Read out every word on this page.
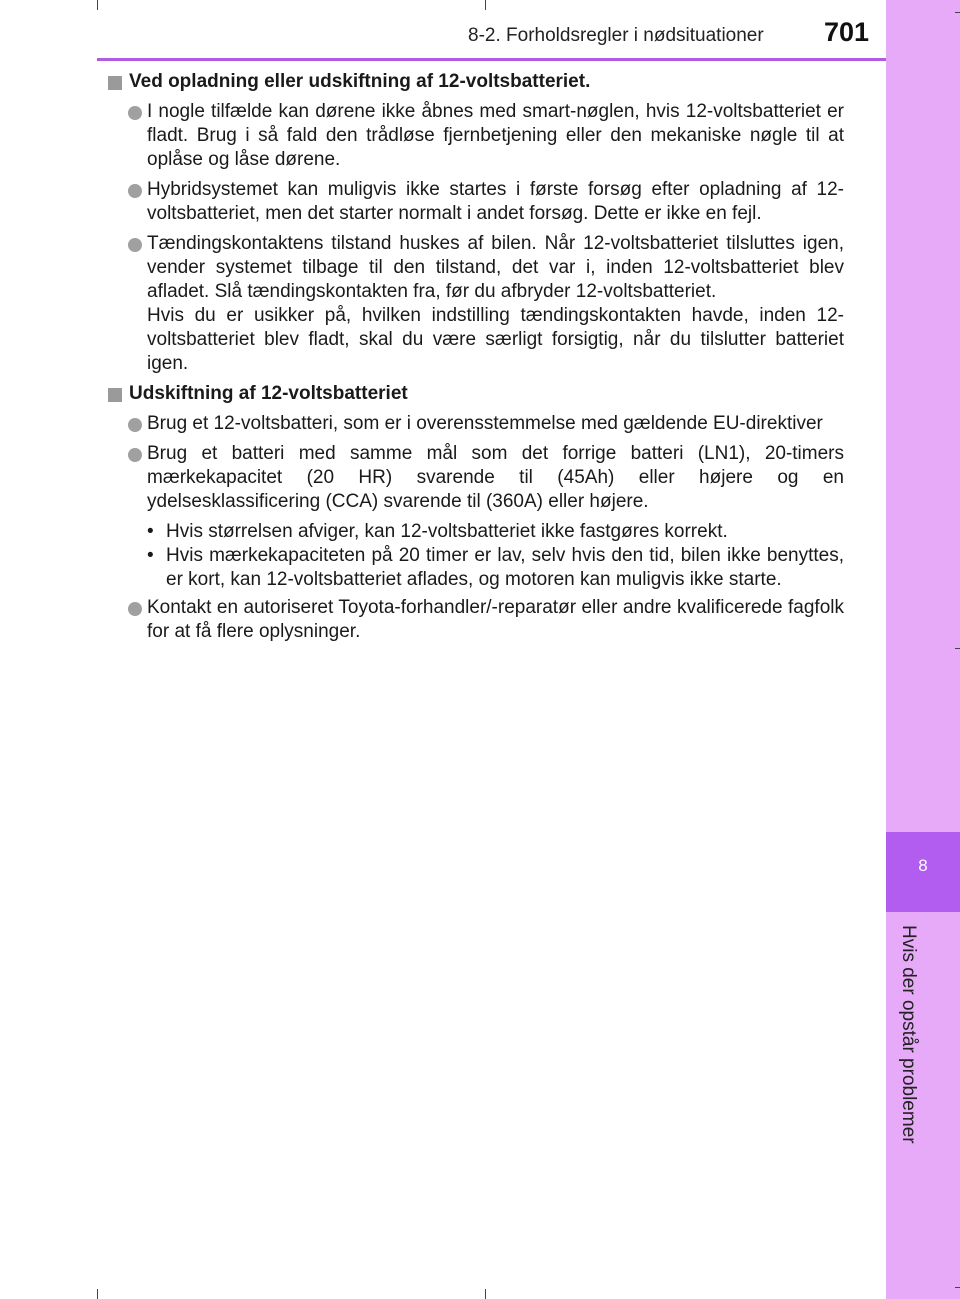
8-2. Forholdsregler i nødsituationer 701
8
Hvis der opstår problemer
Ved opladning eller udskiftning af 12-voltsbatteriet.

I nogle tilfælde kan dørene ikke åbnes med smart-nøglen, hvis 12-voltsbatteriet er fladt. Brug i så fald den trådløse fjernbetjening eller den mekaniske nøgle til at oplåse og låse dørene.

Hybridsystemet kan muligvis ikke startes i første forsøg efter opladning af 12-voltsbatteriet, men det starter normalt i andet forsøg. Dette er ikke en fejl.

Tændingskontaktens tilstand huskes af bilen. Når 12-voltsbatteriet tilsluttes igen, vender systemet tilbage til den tilstand, det var i, inden 12-voltsbatteriet blev afladet. Slå tændingskontakten fra, før du afbryder 12-voltsbatteriet.

Hvis du er usikker på, hvilken indstilling tændingskontakten havde, inden 12-voltsbatteriet blev fladt, skal du være særligt forsigtig, når du tilslutter batteriet igen.

Udskiftning af 12-voltsbatteriet

Brug et 12-voltsbatteri, som er i overensstemmelse med gældende EU-direktiver

Brug et batteri med samme mål som det forrige batteri (LN1), 20-timers mærkekapacitet (20 HR) svarende til (45Ah) eller højere og en ydelsesklassificering (CCA) svarende til (360A) eller højere.

• Hvis størrelsen afviger, kan 12-voltsbatteriet ikke fastgøres korrekt.
• Hvis mærkekapaciteten på 20 timer er lav, selv hvis den tid, bilen ikke benyttes, er kort, kan 12-voltsbatteriet aflades, og motoren kan muligvis ikke starte.

Kontakt en autoriseret Toyota-forhandler/-reparatør eller andre kvalificerede fagfolk for at få flere oplysninger.
